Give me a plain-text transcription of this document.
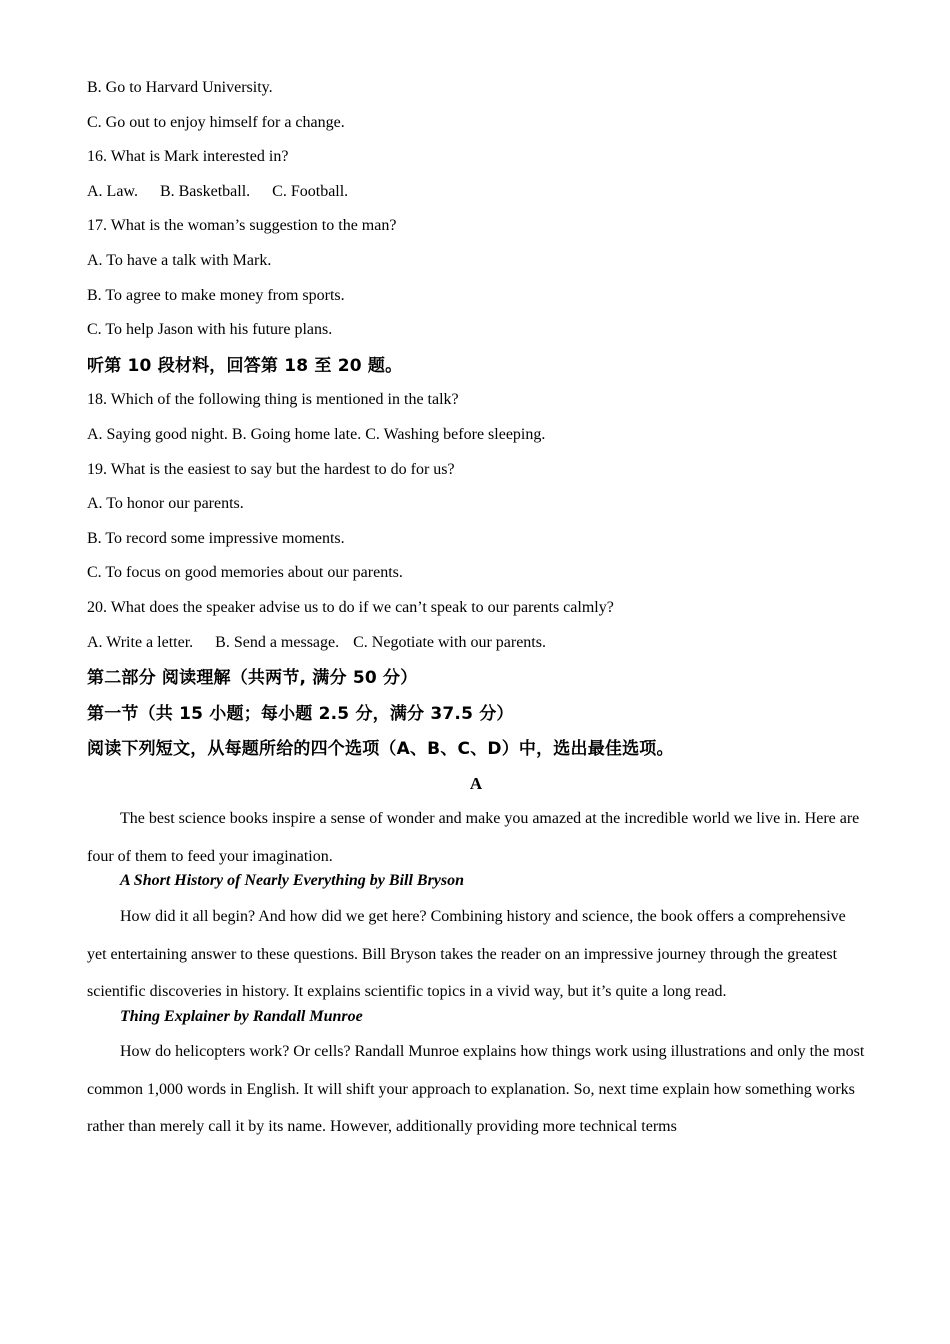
B. Go to Harvard University.
C. Go out to enjoy himself for a change.
16. What is Mark interested in?
A. Law. B. Basketball. C. Football.
17. What is the woman’s suggestion to the man?
A. To have a talk with Mark.
B. To agree to make money from sports.
C. To help Jason with his future plans.
听第 10 段材料，回答第 18 至 20 题。
18. Which of the following thing is mentioned in the talk?
A. Saying good night. B. Going home late. C. Washing before sleeping.
19. What is the easiest to say but the hardest to do for us?
A. To honor our parents.
B. To record some impressive moments.
C. To focus on good memories about our parents.
20. What does the speaker advise us to do if we can’t speak to our parents calmly?
A. Write a letter. B. Send a message. C. Negotiate with our parents.
第二部分 阅读理解（共两节, 满分 50 分）
第一节（共 15 小题；每小题 2.5 分，满分 37.5 分）
阅读下列短文，从每题所给的四个选项（A、B、C、D）中，选出最佳选项。
A

The best science books inspire a sense of wonder and make you amazed at the incredible world we live in. Here are four of them to feed your imagination.

A Short History of Nearly Everything by Bill Bryson

How did it all begin? And how did we get here? Combining history and science, the book offers a comprehensive yet entertaining answer to these questions. Bill Bryson takes the reader on an impressive journey through the greatest scientific discoveries in history. It explains scientific topics in a vivid way, but it’s quite a long read.

Thing Explainer by Randall Munroe

How do helicopters work? Or cells? Randall Munroe explains how things work using illustrations and only the most common 1,000 words in English. It will shift your approach to explanation. So, next time explain how something works rather than merely call it by its name. However, additionally providing more technical terms
